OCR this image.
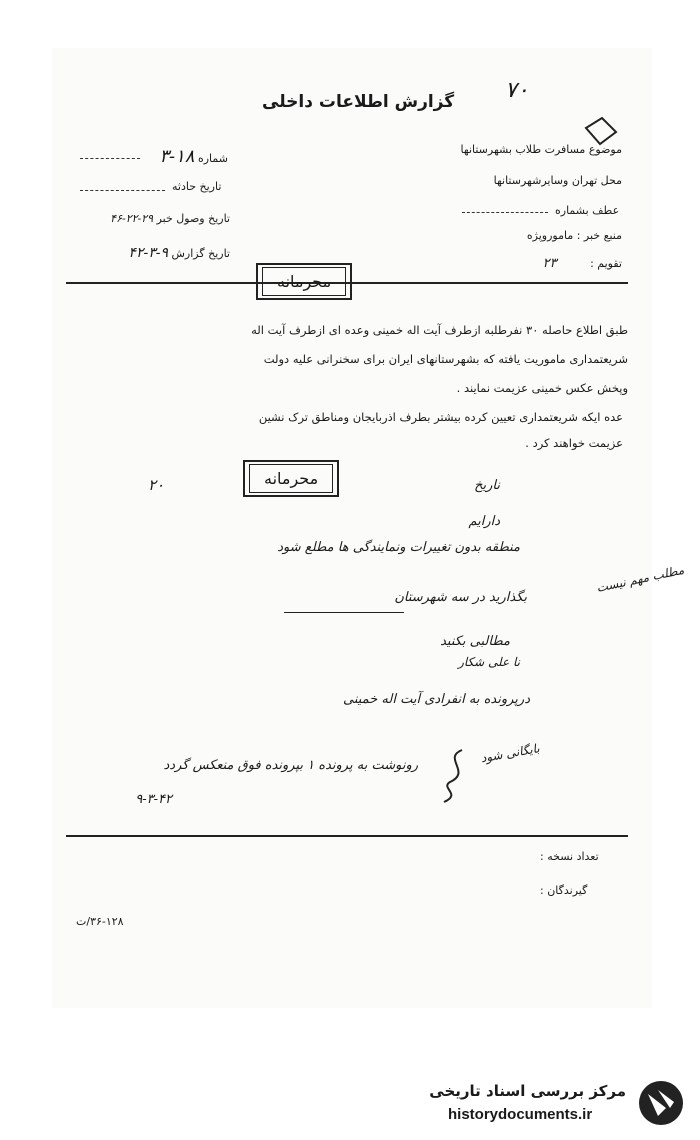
۷۰
گزارش اطلاعات داخلی
شماره ۱۸-۳
تاریخ حادثه
تاریخ وصول خبر ۲۹-۲۲-۴۶
تاریخ گزارش ۹-۳-۴۲
موضوع مسافرت طلاب بشهرستانها
محل تهران وسایرشهرستانها
عطف بشماره
منبع خبر : ماموروپژه
تقویم : ۲۳
محرمانه
طبق اطلاع حاصله ۳۰ نفرطلبه ازطرف آیت اله خمینی وعده ای ازطرف آیت اله
شریعتمداری ماموریت یافته که بشهرستانهای ایران برای سخنرانی علیه دولت
وپخش عکس خمینی عزیمت نمایند .
عده ایکه شریعتمداری تعیین کرده بیشتر بطرف اذربایجان ومناطق ترک نشین
عزیمت خواهند کرد .
۲۰	محرمانه	ناریخ
دارایم
منطقه بدون تغییرات ونمایندگی ها مطلع شود
بگذارید در سه شهرستان
مطلب مهم نیست
مطالبی بکنید
نا علی شکار
درپرونده به انفرادی آیت اله خمینی
بایگانی شود
رونوشت به پرونده ۱ بپرونده فوق منعکس گردد
۹-۳-۴۲
تعداد نسخه :
گیرندگان :
۳۶-۱۲۸/ت
مرکز بررسی اسناد تاریخی
historydocuments.ir
